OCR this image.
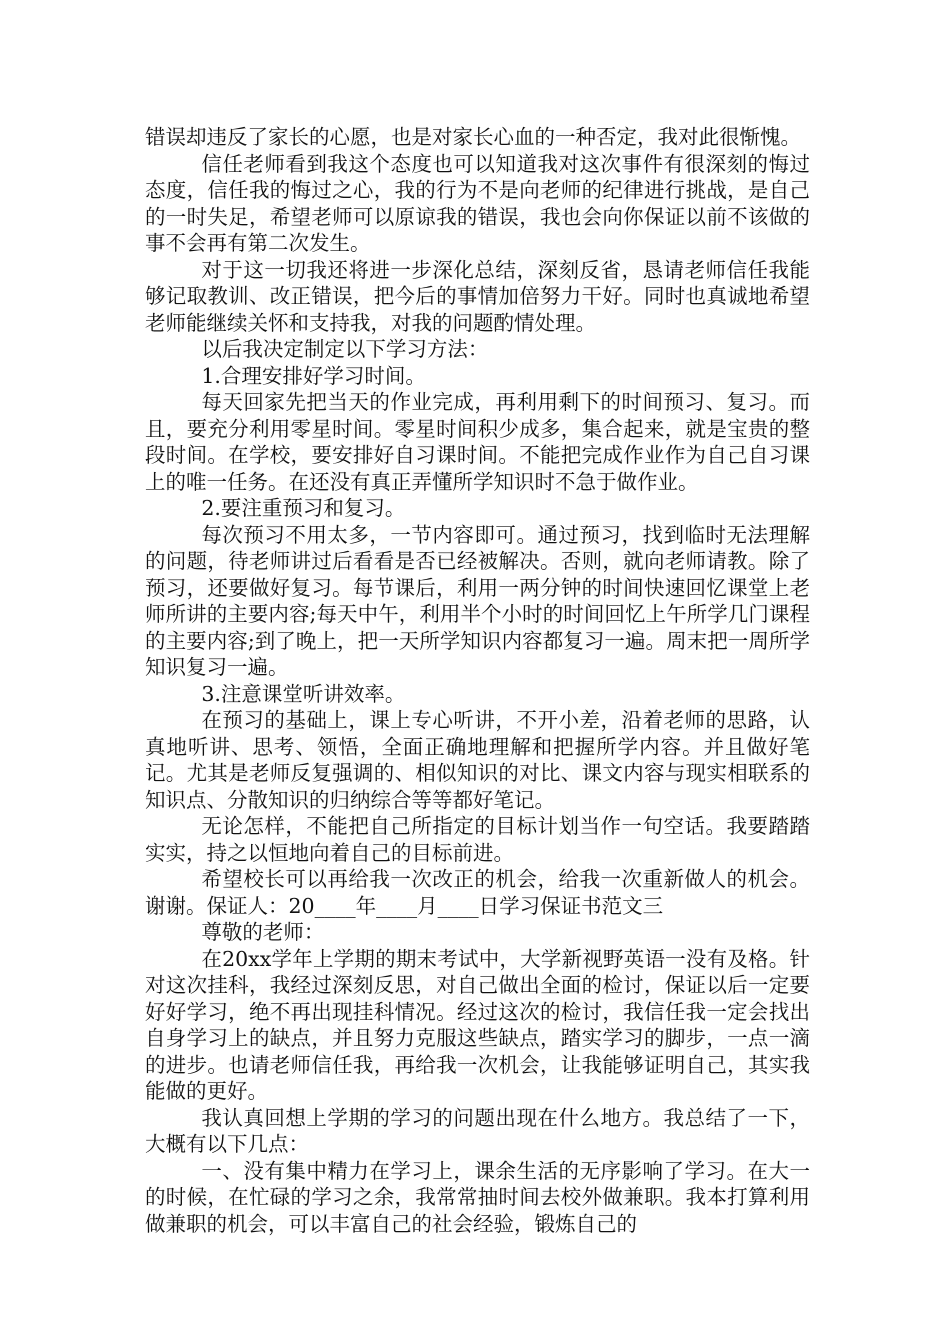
错误却违反了家长的心愿，也是对家长心血的一种否定，我对此很惭愧。

信任老师看到我这个态度也可以知道我对这次事件有很深刻的悔过态度，信任我的悔过之心，我的行为不是向老师的纪律进行挑战，是自己的一时失足，希望老师可以原谅我的错误，我也会向你保证以前不该做的事不会再有第二次发生。

对于这一切我还将进一步深化总结，深刻反省，恳请老师信任我能够记取教训、改正错误，把今后的事情加倍努力干好。同时也真诚地希望老师能继续关怀和支持我，对我的问题酌情处理。

以后我决定制定以下学习方法：

1.合理安排好学习时间。

每天回家先把当天的作业完成，再利用剩下的时间预习、复习。而且，要充分利用零星时间。零星时间积少成多，集合起来，就是宝贵的整段时间。在学校，要安排好自习课时间。不能把完成作业作为自己自习课上的唯一任务。在还没有真正弄懂所学知识时不急于做作业。

2.要注重预习和复习。

每次预习不用太多，一节内容即可。通过预习，找到临时无法理解的问题，待老师讲过后看看是否已经被解决。否则，就向老师请教。除了预习，还要做好复习。每节课后，利用一两分钟的时间快速回忆课堂上老师所讲的主要内容;每天中午，利用半个小时的时间回忆上午所学几门课程的主要内容;到了晚上，把一天所学知识内容都复习一遍。周末把一周所学知识复习一遍。

3.注意课堂听讲效率。

在预习的基础上，课上专心听讲，不开小差，沿着老师的思路，认真地听讲、思考、领悟，全面正确地理解和把握所学内容。并且做好笔记。尤其是老师反复强调的、相似知识的对比、课文内容与现实相联系的知识点、分散知识的归纳综合等等都好笔记。

无论怎样，不能把自己所指定的目标计划当作一句空话。我要踏踏实实，持之以恒地向着自己的目标前进。

希望校长可以再给我一次改正的机会，给我一次重新做人的机会。 谢谢。保证人：20____年____月____日学习保证书范文三

尊敬的老师：

在20xx学年上学期的期末考试中，大学新视野英语一没有及格。针对这次挂科，我经过深刻反思，对自己做出全面的检讨，保证以后一定要好好学习，绝不再出现挂科情况。经过这次的检讨，我信任我一定会找出自身学习上的缺点，并且努力克服这些缺点，踏实学习的脚步，一点一滴的进步。也请老师信任我，再给我一次机会，让我能够证明自己，其实我能做的更好。

我认真回想上学期的学习的问题出现在什么地方。我总结了一下，大概有以下几点：

一、没有集中精力在学习上，课余生活的无序影响了学习。在大一的时候，在忙碌的学习之余，我常常抽时间去校外做兼职。我本打算利用做兼职的机会，可以丰富自己的社会经验，锻炼自己的
